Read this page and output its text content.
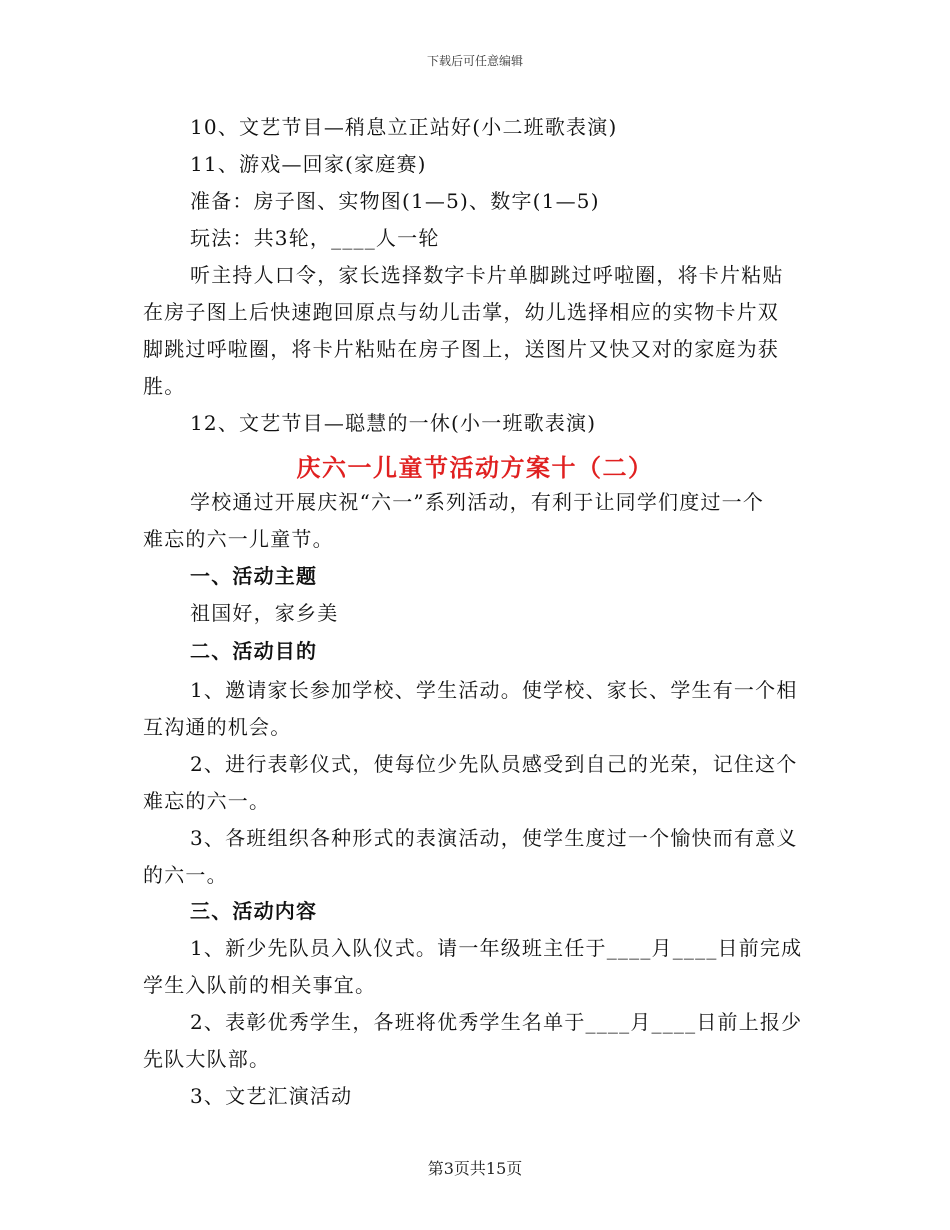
下载后可任意编辑
10、文艺节目—稍息立正站好(小二班歌表演)
11、游戏—回家(家庭赛)
准备：房子图、实物图(1—5)、数字(1—5)
玩法：共3轮，____人一轮
听主持人口令，家长选择数字卡片单脚跳过呼啦圈，将卡片粘贴
在房子图上后快速跑回原点与幼儿击掌，幼儿选择相应的实物卡片双
脚跳过呼啦圈，将卡片粘贴在房子图上，送图片又快又对的家庭为获
胜。
12、文艺节目—聪慧的一休(小一班歌表演)
庆六一儿童节活动方案十（二）
学校通过开展庆祝“六一”系列活动，有利于让同学们度过一个
难忘的六一儿童节。
一、活动主题
祖国好，家乡美
二、活动目的
1、邀请家长参加学校、学生活动。使学校、家长、学生有一个相
互沟通的机会。
2、进行表彰仪式，使每位少先队员感受到自己的光荣，记住这个
难忘的六一。
3、各班组织各种形式的表演活动，使学生度过一个愉快而有意义
的六一。
三、活动内容
1、新少先队员入队仪式。请一年级班主任于____月____日前完成
学生入队前的相关事宜。
2、表彰优秀学生，各班将优秀学生名单于____月____日前上报少
先队大队部。
3、文艺汇演活动
第3页共15页
